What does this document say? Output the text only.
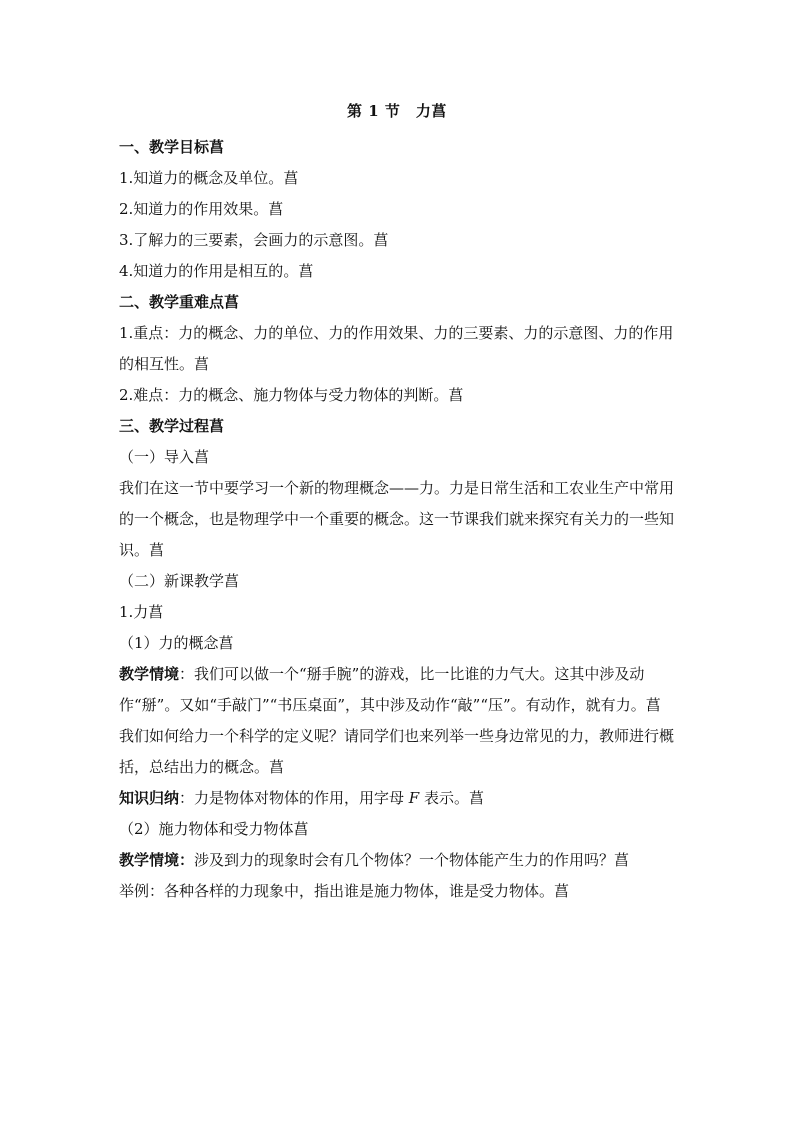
第 1 节　力菖

一、教学目标菖

1.知道力的概念及单位。菖

2.知道力的作用效果。菖

3.了解力的三要素，会画力的示意图。菖

4.知道力的作用是相互的。菖

二、教学重难点菖

1.重点：力的概念、力的单位、力的作用效果、力的三要素、力的示意图、力的作用的相互性。菖

2.难点：力的概念、施力物体与受力物体的判断。菖

三、教学过程菖

（一）导入菖

我们在这一节中要学习一个新的物理概念——力。力是日常生活和工农业生产中常用的一个概念，也是物理学中一个重要的概念。这一节课我们就来探究有关力的一些知识。菖

（二）新课教学菖

1.力菖

（1）力的概念菖

教学情境：我们可以做一个“掰手腕”的游戏，比一比谁的力气大。这其中涉及动作“掰”。又如“手敲门”“书压桌面”，其中涉及动作“敲”“压”。有动作，就有力。菖

我们如何给力一个科学的定义呢？请同学们也来列举一些身边常见的力，教师进行概括，总结出力的概念。菖

知识归纳：力是物体对物体的作用，用字母 F 表示。菖

（2）施力物体和受力物体菖

教学情境：涉及到力的现象时会有几个物体？一个物体能产生力的作用吗？菖

举例：各种各样的力现象中，指出谁是施力物体，谁是受力物体。菖
